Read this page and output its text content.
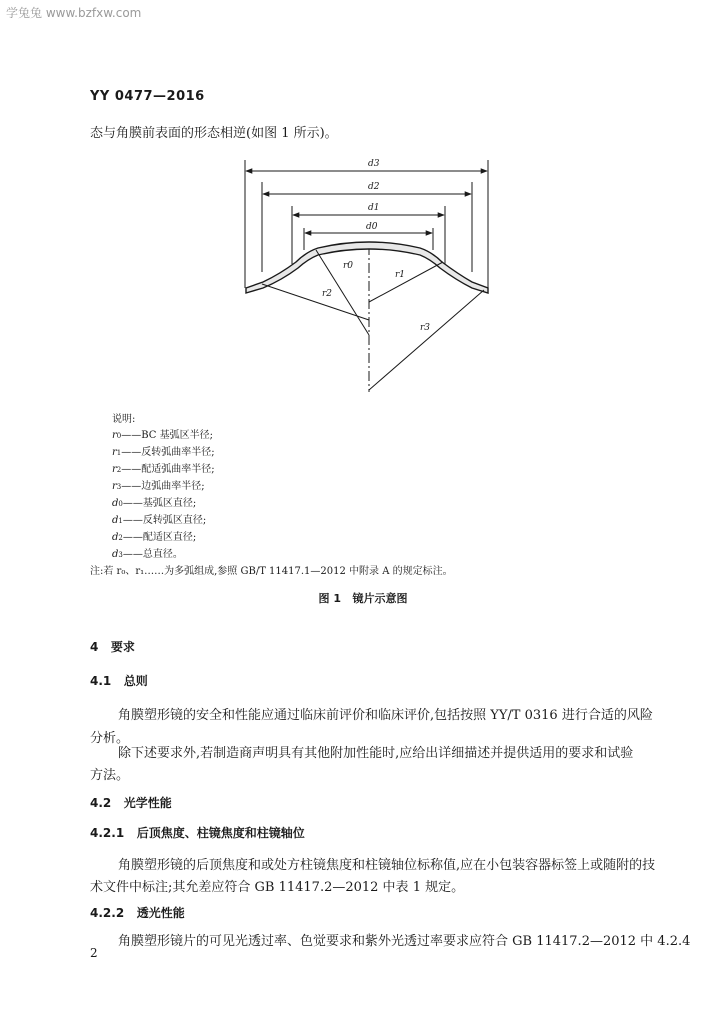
学兔兔 www.bzfxw.com
YY 0477—2016
态与角膜前表面的形态相逆(如图 1 所示)。
d3
d2
d1
d0
r0
r1
r2
r3
说明:
r0——BC 基弧区半径;
r1——反转弧曲率半径;
r2——配适弧曲率半径;
r3——边弧曲率半径;
d0——基弧区直径;
d1——反转弧区直径;
d2——配适区直径;
d3——总直径。
注:若 r₀、r₁……为多弧组成,参照 GB/T 11417.1—2012 中附录 A 的规定标注。
图 1   镜片示意图
4   要求
4.1   总则
角膜塑形镜的安全和性能应通过临床前评价和临床评价,包括按照 YY/T 0316 进行合适的风险
分析。
除下述要求外,若制造商声明具有其他附加性能时,应给出详细描述并提供适用的要求和试验
方法。
4.2   光学性能
4.2.1   后顶焦度、柱镜焦度和柱镜轴位
角膜塑形镜的后顶焦度和或处方柱镜焦度和柱镜轴位标称值,应在小包装容器标签上或随附的技
术文件中标注;其允差应符合 GB 11417.2—2012 中表 1 规定。
4.2.2   透光性能
角膜塑形镜片的可见光透过率、色觉要求和紫外光透过率要求应符合 GB 11417.2—2012 中 4.2.4
2
